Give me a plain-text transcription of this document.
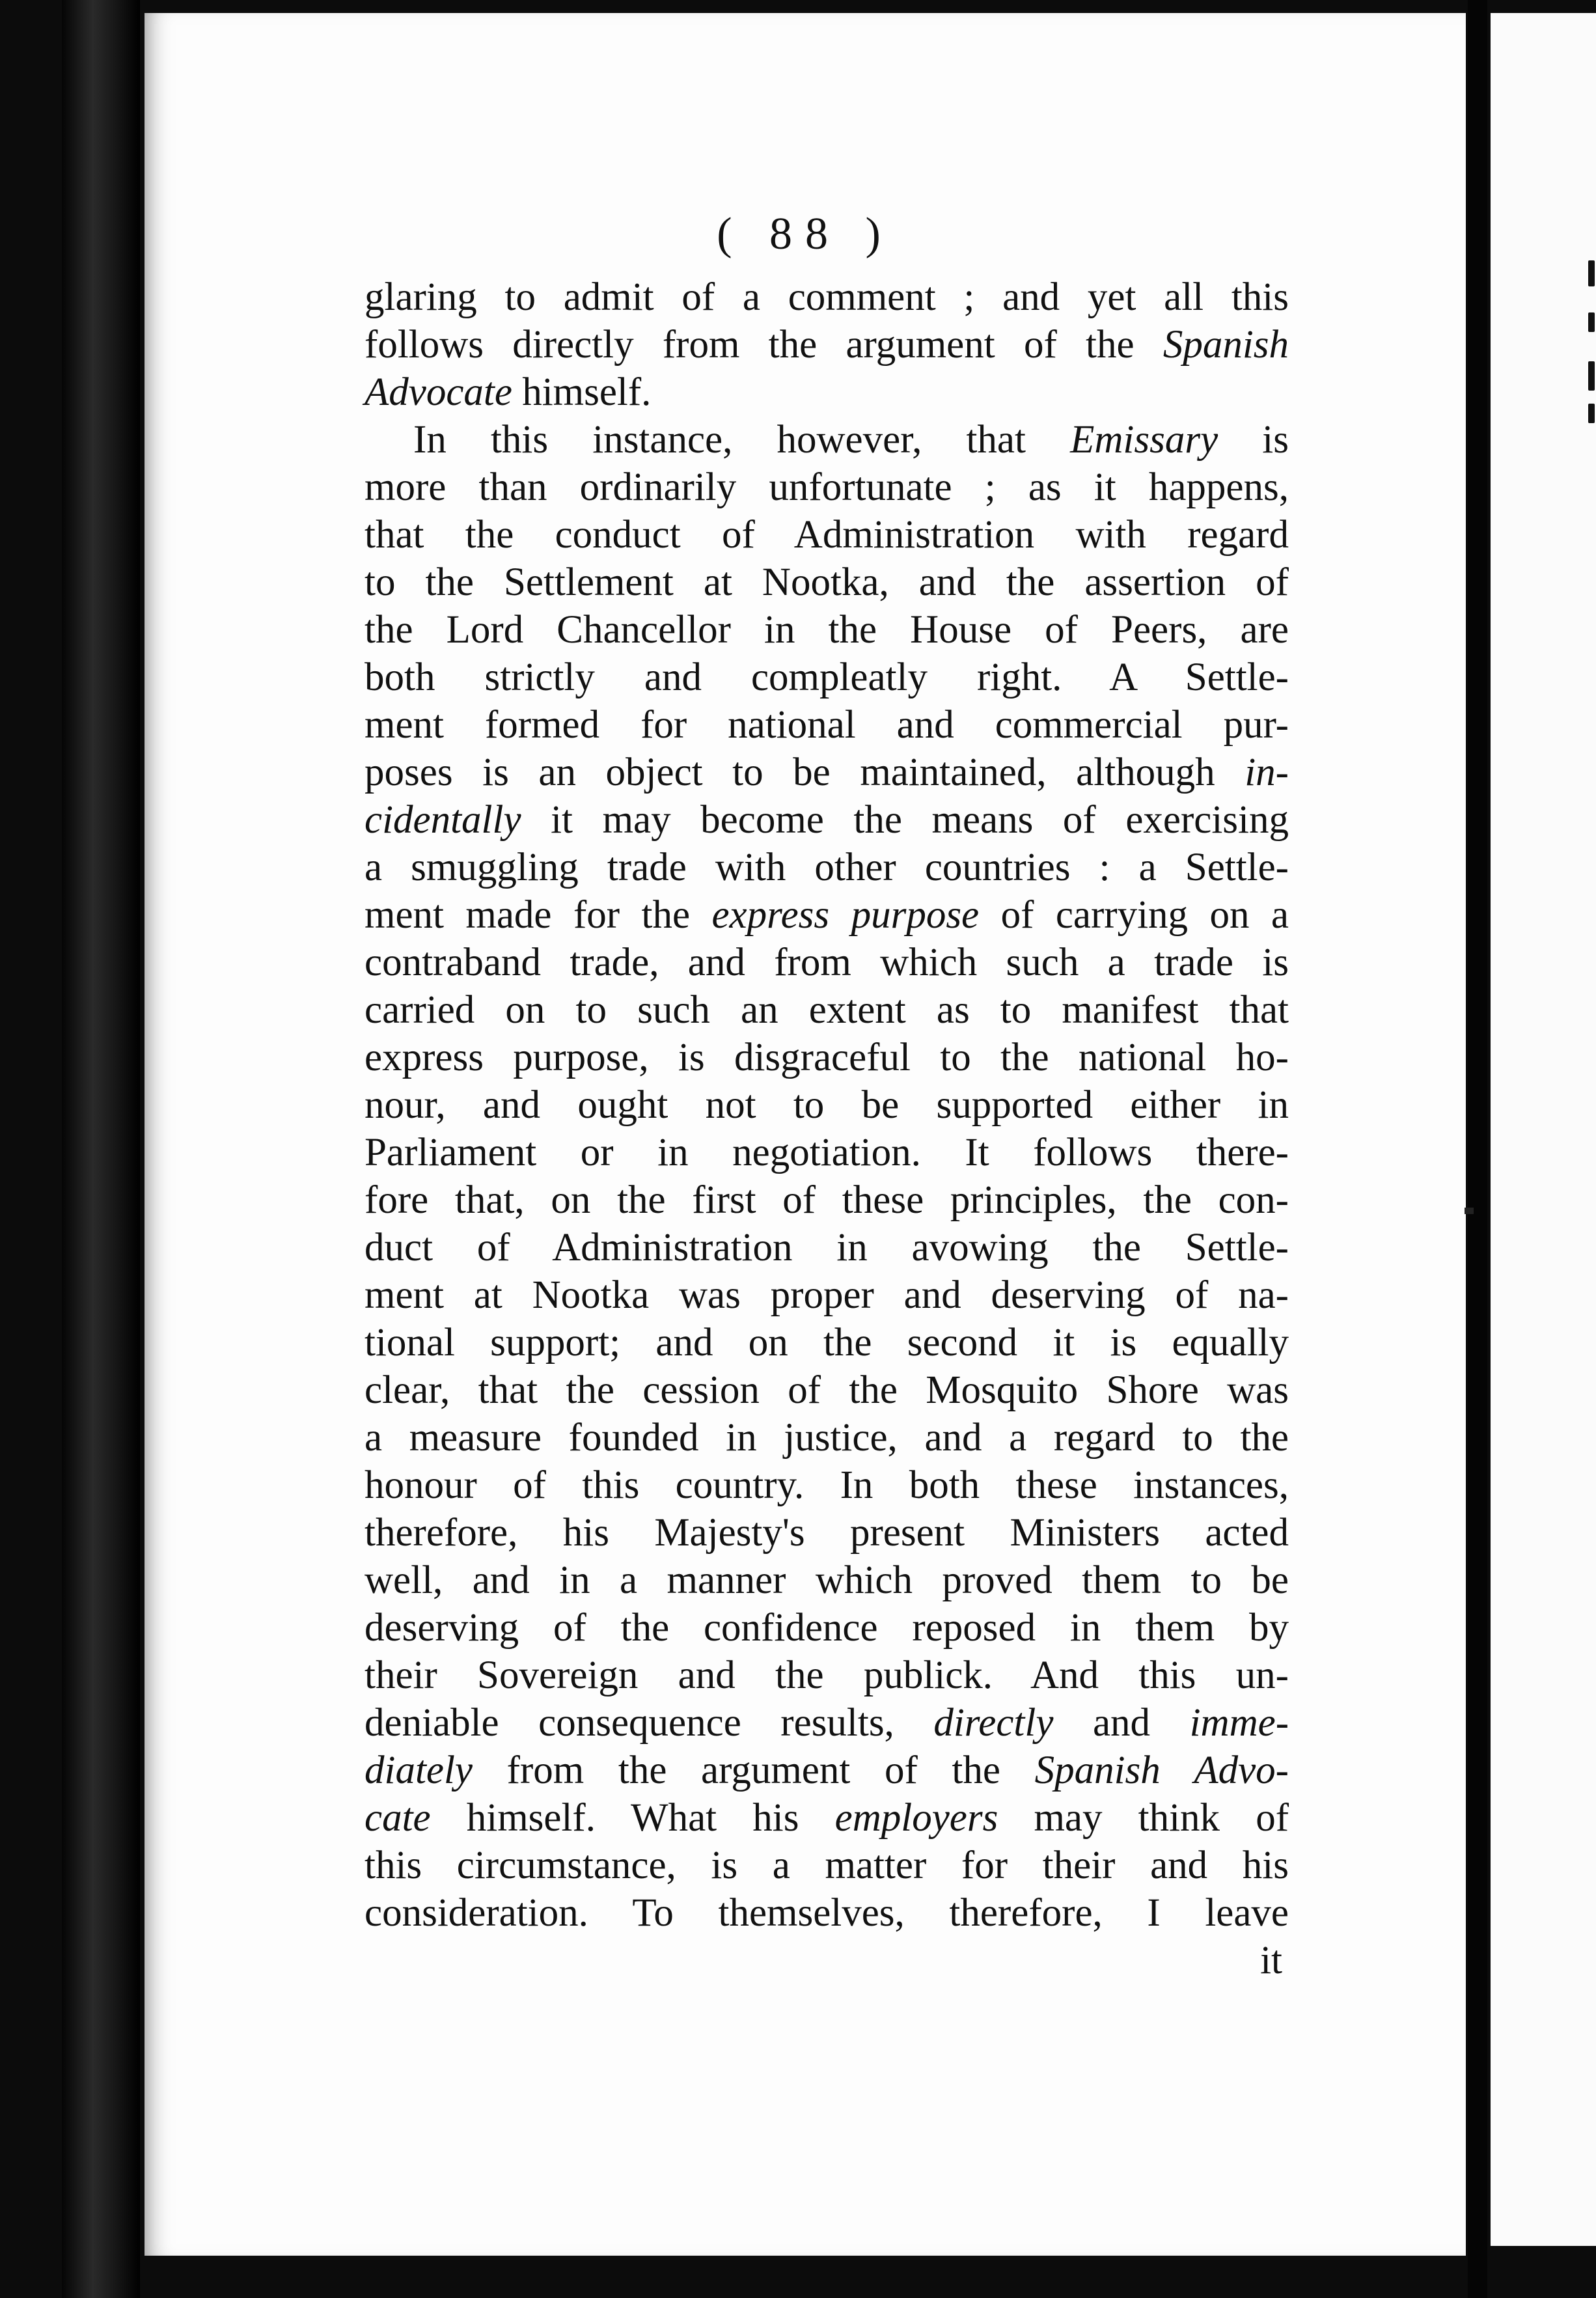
( 88 )
glaring to admit of a comment ; and yet all this
follows directly from the argument of the Spanish
Advocate himself.
In this instance, however, that Emissary is
more than ordinarily unfortunate ; as it happens,
that the conduct of Administration with regard
to the Settlement at Nootka, and the assertion of
the Lord Chancellor in the House of Peers, are
both strictly and compleatly right. A Settle-
ment formed for national and commercial pur-
poses is an object to be maintained, although in-
cidentally it may become the means of exercising
a smuggling trade with other countries : a Settle-
ment made for the express purpose of carrying on a
contraband trade, and from which such a trade is
carried on to such an extent as to manifest that
express purpose, is disgraceful to the national ho-
nour, and ought not to be supported either in
Parliament or in negotiation. It follows there-
fore that, on the first of these principles, the con-
duct of Administration in avowing the Settle-
ment at Nootka was proper and deserving of na-
tional support; and on the second it is equally
clear, that the cession of the Mosquito Shore was
a measure founded in justice, and a regard to the
honour of this country. In both these instances,
therefore, his Majesty's present Ministers acted
well, and in a manner which proved them to be
deserving of the confidence reposed in them by
their Sovereign and the publick. And this un-
deniable consequence results, directly and imme-
diately from the argument of the Spanish Advo-
cate himself. What his employers may think of
this circumstance, is a matter for their and his
consideration. To themselves, therefore, I leave
it
